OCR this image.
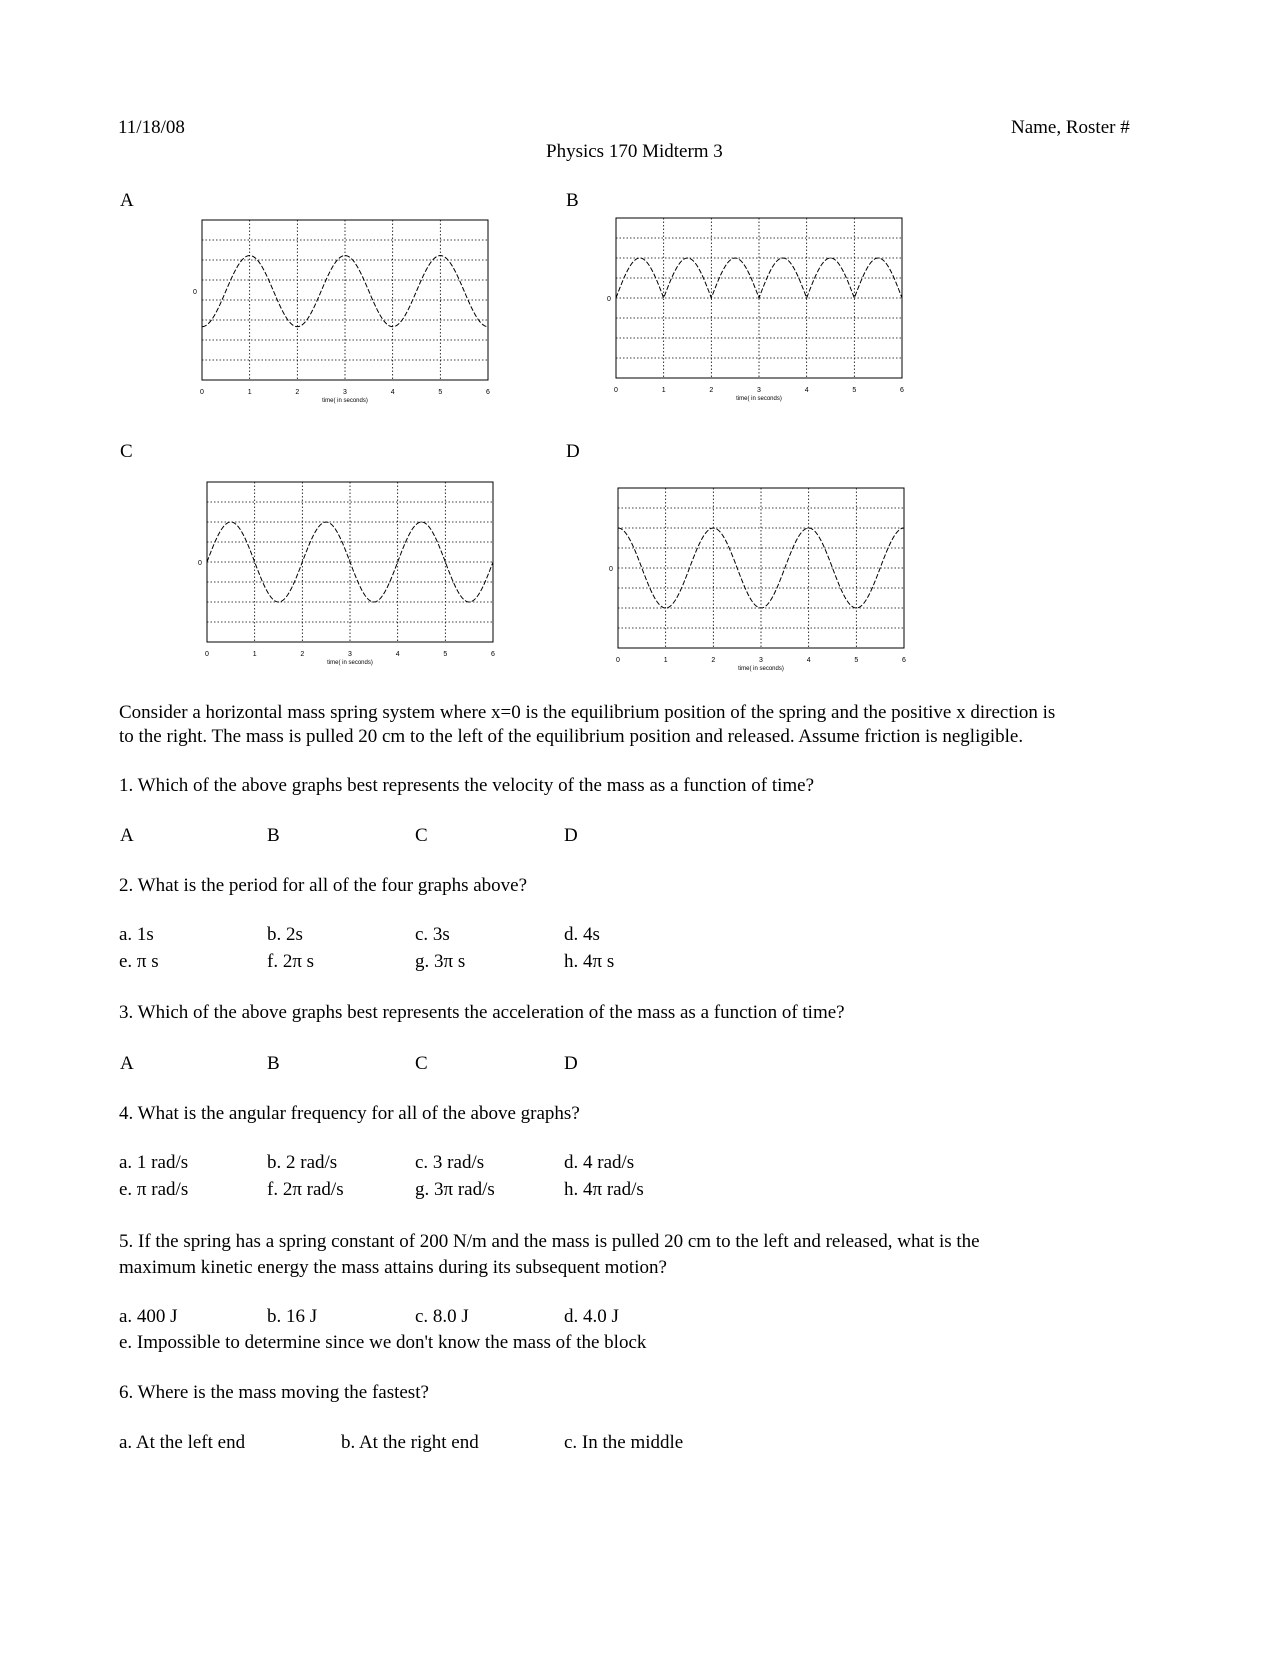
11/18/08	Name, Roster #
Physics 170 Midterm 3
A	B
C	D
0
0	1	2	3	4	5	6
time( in seconds)
0
0	1	2	3	4	5	6
time( in seconds)
0
0	1	2	3	4	5	6
time( in seconds)
0
0	1	2	3	4	5	6
time( in seconds)
Consider a horizontal mass spring system where x=0 is the equilibrium position of the spring and the positive x direction is
to the right. The mass is pulled 20 cm to the left of the equilibrium position and released. Assume friction is negligible.
1. Which of the above graphs best represents the velocity of the mass as a function of time?
A	B	C	D
2. What is the period for all of the four graphs above?
a. 1s	b. 2s	c. 3s	d. 4s
e. π s	f. 2π s	g. 3π s	h. 4π s
3. Which of the above graphs best represents the acceleration of the mass as a function of time?
A	B	C	D
4. What is the angular frequency for all of the above graphs?
a. 1 rad/s	b. 2 rad/s	c. 3 rad/s	d. 4 rad/s
e. π rad/s	f. 2π rad/s	g. 3π rad/s	h. 4π rad/s
5. If the spring has a spring constant of 200 N/m and the mass is pulled 20 cm to the left and released, what is the
maximum kinetic energy the mass attains during its subsequent motion?
a. 400 J	b. 16 J	c. 8.0 J	d. 4.0 J
e. Impossible to determine since we don't know the mass of the block
6. Where is the mass moving the fastest?
a. At the left end	b. At the right end	c. In the middle
